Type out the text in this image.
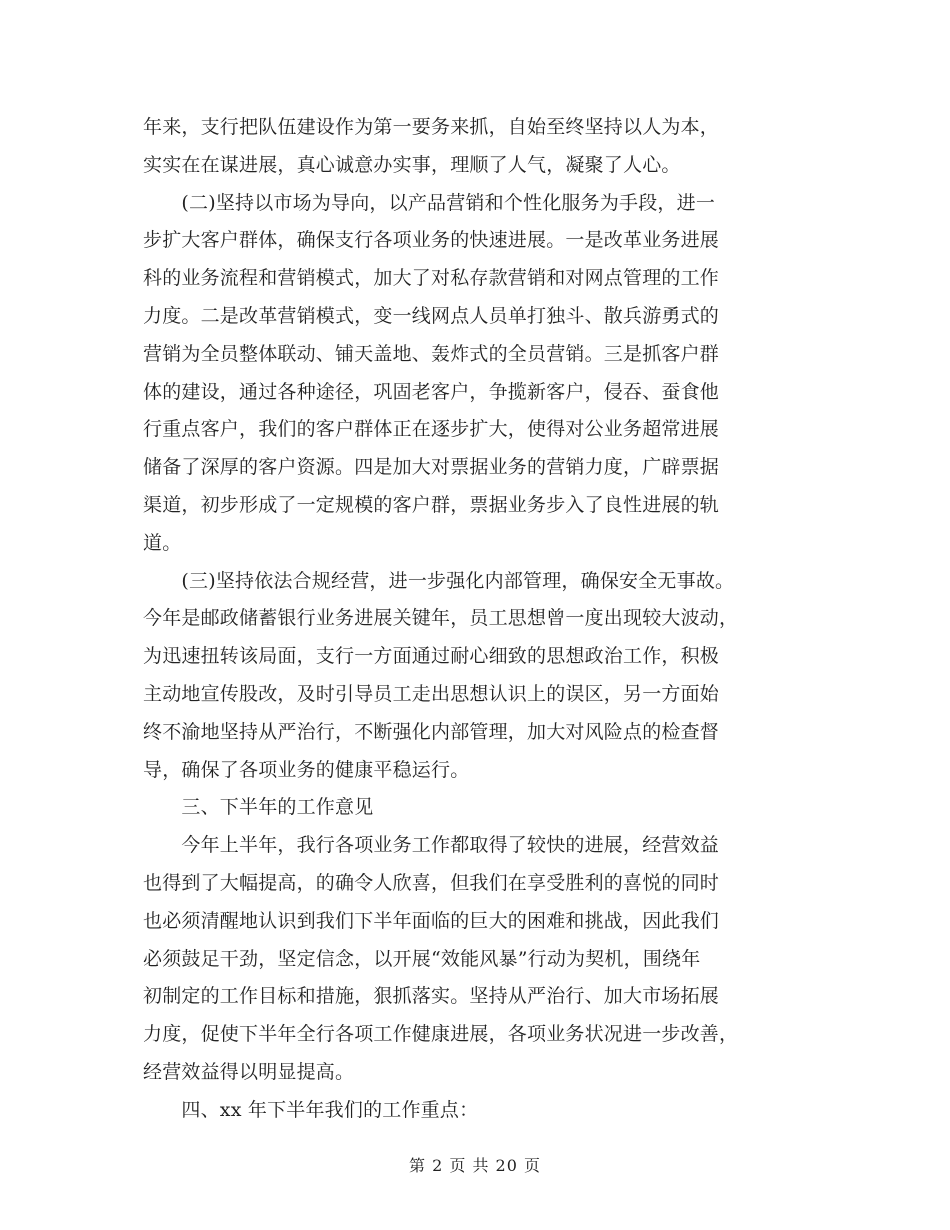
年来，支行把队伍建设作为第一要务来抓，自始至终坚持以人为本，
实实在在谋进展，真心诚意办实事，理顺了人气，凝聚了人心。
　　(二)坚持以市场为导向，以产品营销和个性化服务为手段，进一
步扩大客户群体，确保支行各项业务的快速进展。一是改革业务进展
科的业务流程和营销模式，加大了对私存款营销和对网点管理的工作
力度。二是改革营销模式，变一线网点人员单打独斗、散兵游勇式的
营销为全员整体联动、铺天盖地、轰炸式的全员营销。三是抓客户群
体的建设，通过各种途径，巩固老客户，争揽新客户，侵吞、蚕食他
行重点客户，我们的客户群体正在逐步扩大，使得对公业务超常进展
储备了深厚的客户资源。四是加大对票据业务的营销力度，广辟票据
渠道，初步形成了一定规模的客户群，票据业务步入了良性进展的轨
道。
　　(三)坚持依法合规经营，进一步强化内部管理，确保安全无事故。
今年是邮政储蓄银行业务进展关键年，员工思想曾一度出现较大波动，
为迅速扭转该局面，支行一方面通过耐心细致的思想政治工作，积极
主动地宣传股改，及时引导员工走出思想认识上的误区，另一方面始
终不渝地坚持从严治行，不断强化内部管理，加大对风险点的检查督
导，确保了各项业务的健康平稳运行。
　　三、下半年的工作意见
　　今年上半年，我行各项业务工作都取得了较快的进展，经营效益
也得到了大幅提高，的确令人欣喜，但我们在享受胜利的喜悦的同时
也必须清醒地认识到我们下半年面临的巨大的困难和挑战，因此我们
必须鼓足干劲，坚定信念，以开展“效能风暴”行动为契机，围绕年
初制定的工作目标和措施，狠抓落实。坚持从严治行、加大市场拓展
力度，促使下半年全行各项工作健康进展，各项业务状况进一步改善，
经营效益得以明显提高。
　　四、xx 年下半年我们的工作重点：
第 2 页 共 20 页
